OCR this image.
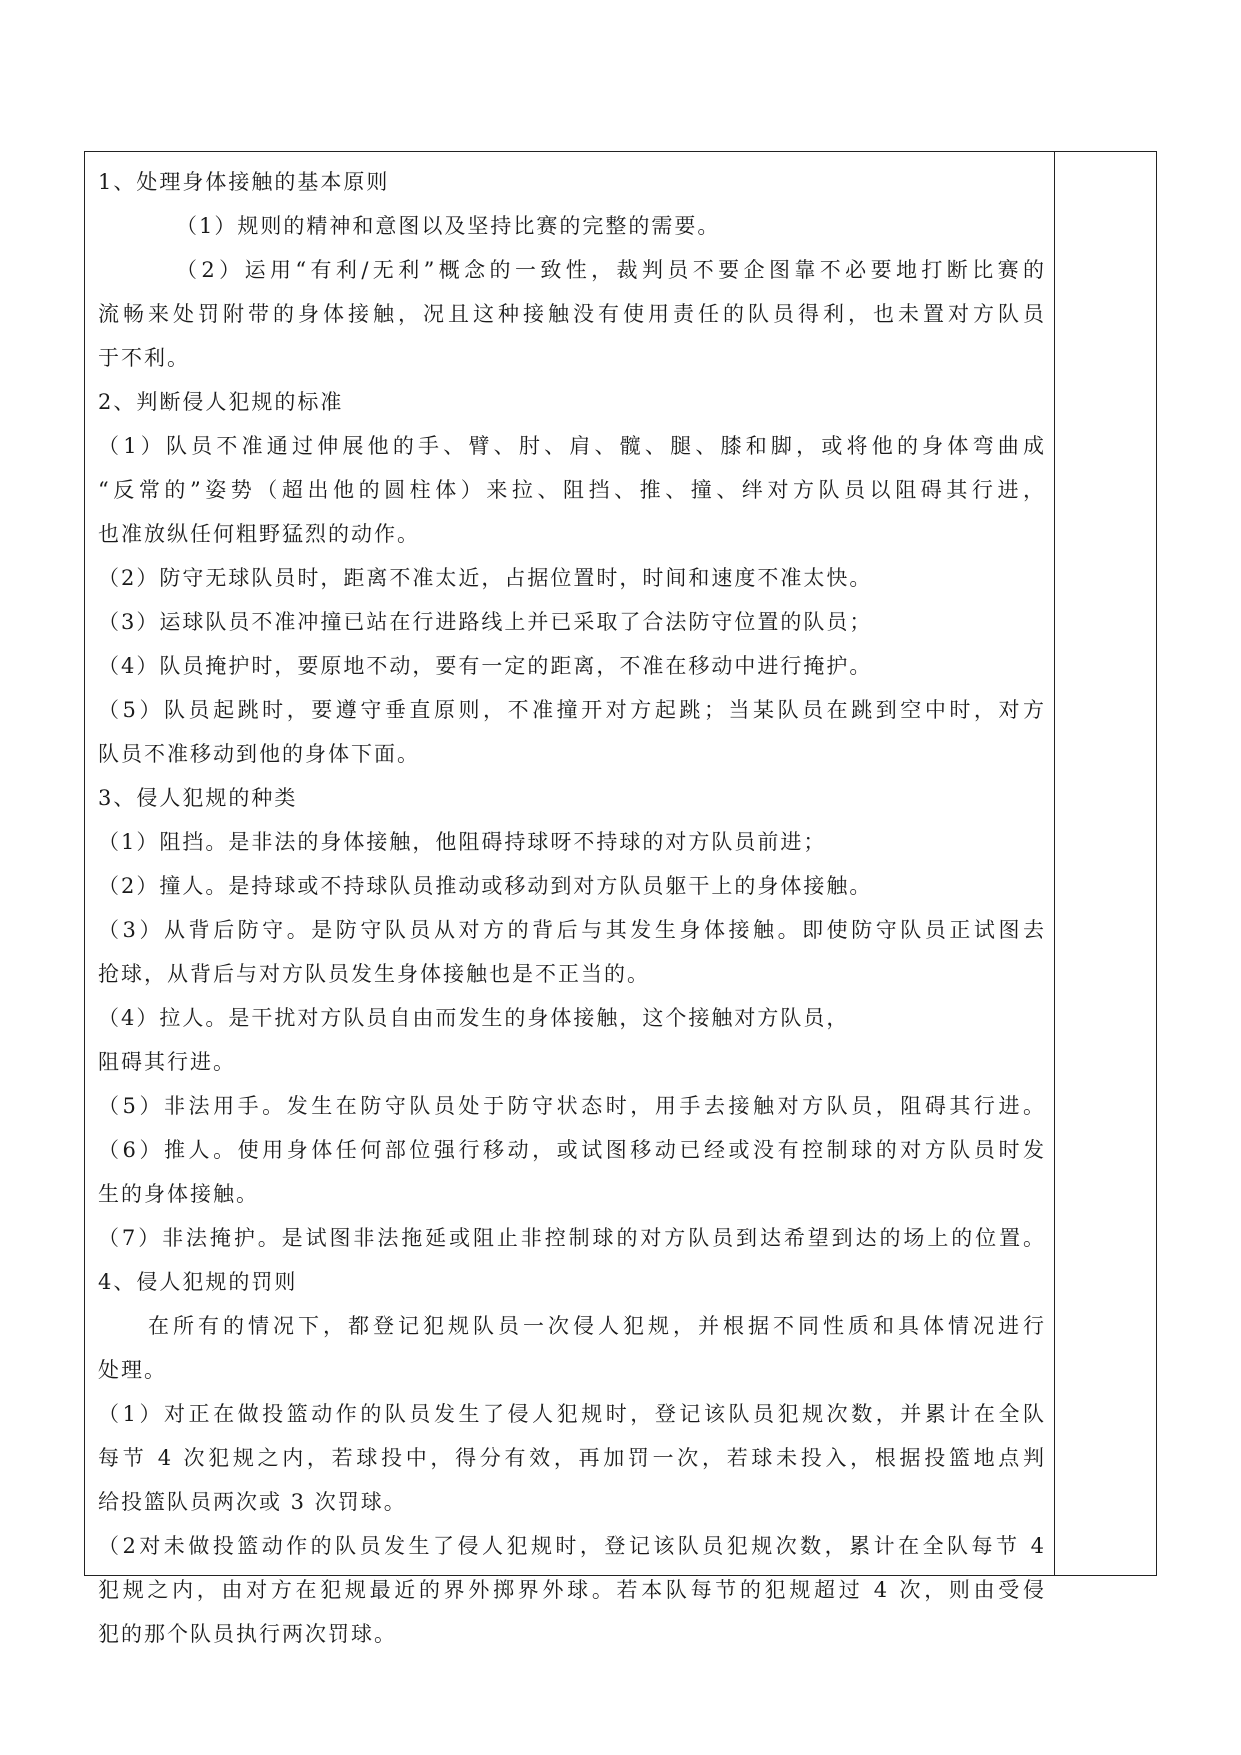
1、处理身体接触的基本原则
（1）规则的精神和意图以及坚持比赛的完整的需要。
（2）运用“有利/无利”概念的一致性，裁判员不要企图靠不必要地打断比赛的
流畅来处罚附带的身体接触，况且这种接触没有使用责任的队员得利，也未置对方队员
于不利。
2、判断侵人犯规的标准
（1）队员不准通过伸展他的手、臂、肘、肩、髋、腿、膝和脚，或将他的身体弯曲成
“反常的”姿势（超出他的圆柱体）来拉、阻挡、推、撞、绊对方队员以阻碍其行进，
也准放纵任何粗野猛烈的动作。
（2）防守无球队员时，距离不准太近，占据位置时，时间和速度不准太快。
（3）运球队员不准冲撞已站在行进路线上并已采取了合法防守位置的队员；
（4）队员掩护时，要原地不动，要有一定的距离，不准在移动中进行掩护。
（5）队员起跳时，要遵守垂直原则，不准撞开对方起跳；当某队员在跳到空中时，对方
队员不准移动到他的身体下面。
3、侵人犯规的种类
（1）阻挡。是非法的身体接触，他阻碍持球呀不持球的对方队员前进；
（2）撞人。是持球或不持球队员推动或移动到对方队员躯干上的身体接触。
（3）从背后防守。是防守队员从对方的背后与其发生身体接触。即使防守队员正试图去
抢球，从背后与对方队员发生身体接触也是不正当的。
（4）拉人。是干扰对方队员自由而发生的身体接触，这个接触对方队员，
阻碍其行进。
（5）非法用手。发生在防守队员处于防守状态时，用手去接触对方队员，阻碍其行进。
（6）推人。使用身体任何部位强行移动，或试图移动已经或没有控制球的对方队员时发
生的身体接触。
（7）非法掩护。是试图非法拖延或阻止非控制球的对方队员到达希望到达的场上的位置。
4、侵人犯规的罚则
在所有的情况下，都登记犯规队员一次侵人犯规，并根据不同性质和具体情况进行
处理。
（1）对正在做投篮动作的队员发生了侵人犯规时，登记该队员犯规次数，并累计在全队
每节 4 次犯规之内，若球投中，得分有效，再加罚一次，若球未投入，根据投篮地点判
给投篮队员两次或 3 次罚球。
（2对未做投篮动作的队员发生了侵人犯规时，登记该队员犯规次数，累计在全队每节 4
犯规之内，由对方在犯规最近的界外掷界外球。若本队每节的犯规超过 4 次，则由受侵
犯的那个队员执行两次罚球。
